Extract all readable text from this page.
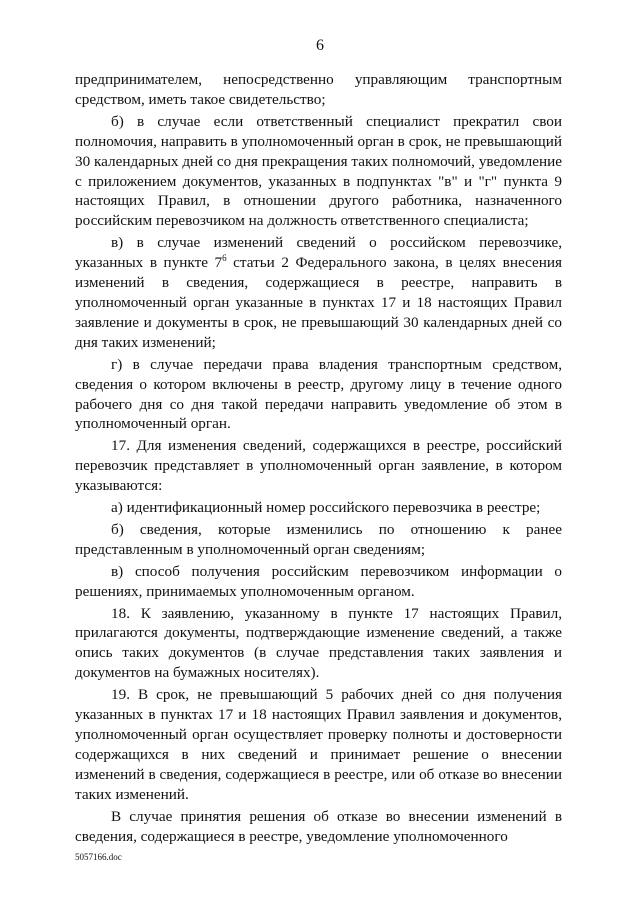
6

предпринимателем, непосредственно управляющим транспортным средством, иметь такое свидетельство;

б) в случае если ответственный специалист прекратил свои полномочия, направить в уполномоченный орган в срок, не превышающий 30 календарных дней со дня прекращения таких полномочий, уведомление с приложением документов, указанных в подпунктах "в" и "г" пункта 9 настоящих Правил, в отношении другого работника, назначенного российским перевозчиком на должность ответственного специалиста;

в) в случае изменений сведений о российском перевозчике, указанных в пункте $7^6$ статьи 2 Федерального закона, в целях внесения изменений в сведения, содержащиеся в реестре, направить в уполномоченный орган указанные в пунктах 17 и 18 настоящих Правил заявление и документы в срок, не превышающий 30 календарных дней со дня таких изменений;

г) в случае передачи права владения транспортным средством, сведения о котором включены в реестр, другому лицу в течение одного рабочего дня со дня такой передачи направить уведомление об этом в уполномоченный орган.

17. Для изменения сведений, содержащихся в реестре, российский перевозчик представляет в уполномоченный орган заявление, в котором указываются:

а) идентификационный номер российского перевозчика в реестре;

б) сведения, которые изменились по отношению к ранее представленным в уполномоченный орган сведениям;

в) способ получения российским перевозчиком информации о решениях, принимаемых уполномоченным органом.

18. К заявлению, указанному в пункте 17 настоящих Правил, прилагаются документы, подтверждающие изменение сведений, а также опись таких документов (в случае представления таких заявления и документов на бумажных носителях).

19. В срок, не превышающий 5 рабочих дней со дня получения указанных в пунктах 17 и 18 настоящих Правил заявления и документов, уполномоченный орган осуществляет проверку полноты и достоверности содержащихся в них сведений и принимает решение о внесении изменений в сведения, содержащиеся в реестре, или об отказе во внесении таких изменений.

В случае принятия решения об отказе во внесении изменений в сведения, содержащиеся в реестре, уведомление уполномоченного

5057166.doc
